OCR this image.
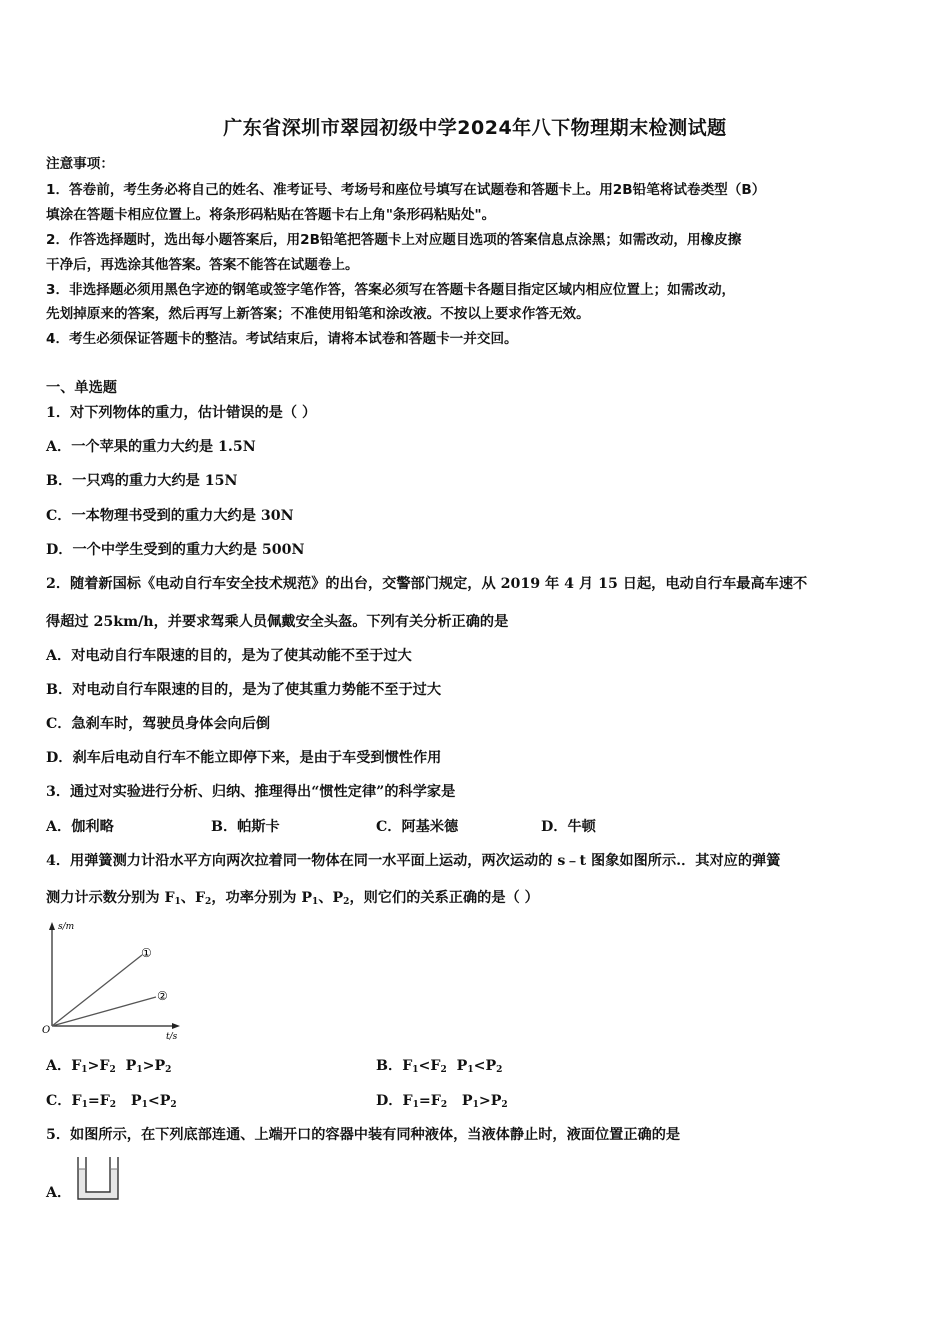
广东省深圳市翠园初级中学2024年八下物理期末检测试题
注意事项：
1．答卷前，考生务必将自己的姓名、准考证号、考场号和座位号填写在试题卷和答题卡上。用2B铅笔将试卷类型（B）
填涂在答题卡相应位置上。将条形码粘贴在答题卡右上角"条形码粘贴处"。
2．作答选择题时，选出每小题答案后，用2B铅笔把答题卡上对应题目选项的答案信息点涂黑；如需改动，用橡皮擦
干净后，再选涂其他答案。答案不能答在试题卷上。
3．非选择题必须用黑色字迹的钢笔或签字笔作答，答案必须写在答题卡各题目指定区域内相应位置上；如需改动，
先划掉原来的答案，然后再写上新答案；不准使用铅笔和涂改液。不按以上要求作答无效。
4．考生必须保证答题卡的整洁。考试结束后，请将本试卷和答题卡一并交回。
一、单选题
1．对下列物体的重力，估计错误的是（ ）
A．一个苹果的重力大约是 1.5N
B．一只鸡的重力大约是 15N
C．一本物理书受到的重力大约是 30N
D．一个中学生受到的重力大约是 500N
2．随着新国标《电动自行车安全技术规范》的出台，交警部门规定，从 2019 年 4 月 15 日起，电动自行车最高车速不
得超过 25km/h，并要求驾乘人员佩戴安全头盔。下列有关分析正确的是
A．对电动自行车限速的目的，是为了使其动能不至于过大
B．对电动自行车限速的目的，是为了使其重力势能不至于过大
C．急刹车时，驾驶员身体会向后倒
D．刹车后电动自行车不能立即停下来，是由于车受到惯性作用
3．通过对实验进行分析、归纳、推理得出“惯性定律”的科学家是
A．伽利略	B．帕斯卡	C．阿基米德	D．牛顿
4．用弹簧测力计沿水平方向两次拉着同一物体在同一水平面上运动，两次运动的 s﹣t 图象如图所示.．其对应的弹簧
测力计示数分别为 $F_1$、$F_2$，功率分别为 $P_1$、$P_2$，则它们的关系正确的是（ ）
s/m
t/s
O
①
②
A．$F_1>F_2$ $P_1>P_2$	B．$F_1<F_2$ $P_1<P_2$
C．$F_1=F_2$ $P_1<P_2$	D．$F_1=F_2$ $P_1>P_2$
5．如图所示，在下列底部连通、上端开口的容器中装有同种液体，当液体静止时，液面位置正确的是
A．
